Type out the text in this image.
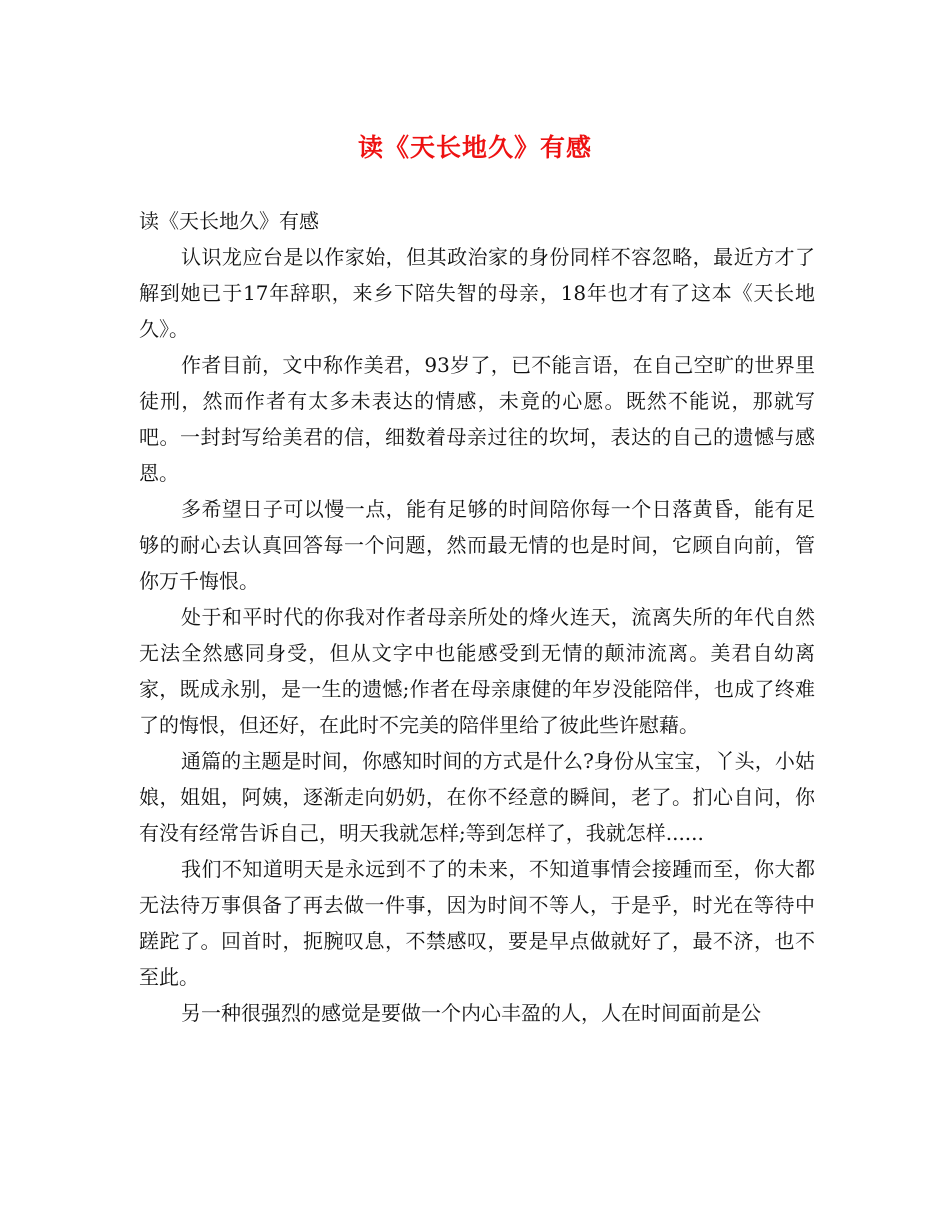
读《天长地久》有感

读《天长地久》有感

认识龙应台是以作家始，但其政治家的身份同样不容忽略，最近方才了解到她已于17年辞职，来乡下陪失智的母亲，18年也才有了这本《天长地久》。

作者目前，文中称作美君，93岁了，已不能言语，在自己空旷的世界里徒刑，然而作者有太多未表达的情感，未竟的心愿。既然不能说，那就写吧。一封封写给美君的信，细数着母亲过往的坎坷，表达的自己的遗憾与感恩。

多希望日子可以慢一点，能有足够的时间陪你每一个日落黄昏，能有足够的耐心去认真回答每一个问题，然而最无情的也是时间，它顾自向前，管你万千悔恨。

处于和平时代的你我对作者母亲所处的烽火连天，流离失所的年代自然无法全然感同身受，但从文字中也能感受到无情的颠沛流离。美君自幼离家，既成永别，是一生的遗憾;作者在母亲康健的年岁没能陪伴，也成了终难了的悔恨，但还好，在此时不完美的陪伴里给了彼此些许慰藉。

通篇的主题是时间，你感知时间的方式是什么?身份从宝宝，丫头，小姑娘，姐姐，阿姨，逐渐走向奶奶，在你不经意的瞬间，老了。扪心自问，你有没有经常告诉自己，明天我就怎样;等到怎样了，我就怎样......

我们不知道明天是永远到不了的未来，不知道事情会接踵而至，你大都无法待万事俱备了再去做一件事，因为时间不等人，于是乎，时光在等待中蹉跎了。回首时，扼腕叹息，不禁感叹，要是早点做就好了，最不济，也不至此。

另一种很强烈的感觉是要做一个内心丰盈的人，人在时间面前是公
